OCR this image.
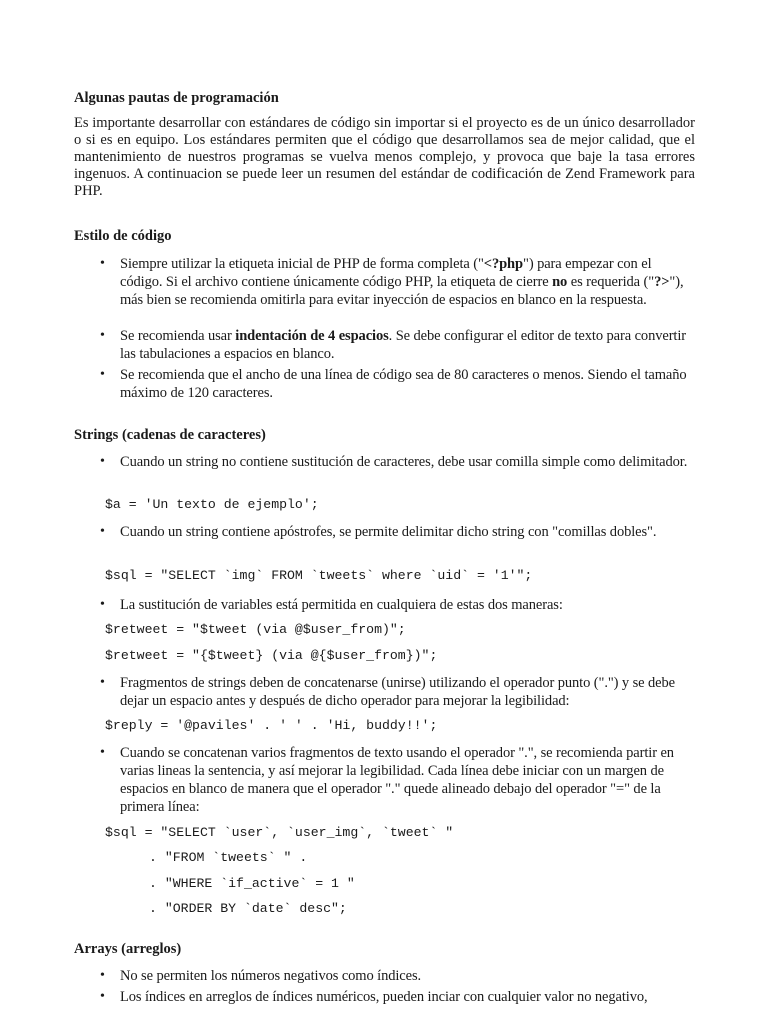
Algunas pautas de programación

Es importante desarrollar con estándares de código sin importar si el proyecto es de un único desarrollador o si es en equipo. Los estándares permiten que el código que desarrollamos sea de mejor calidad, que el mantenimiento de nuestros programas se vuelva menos complejo, y provoca que baje la tasa errores ingenuos. A continuacion se puede leer un resumen del estándar de codificación de Zend Framework para PHP.

Estilo de código
• Siempre utilizar la etiqueta inicial de PHP de forma completa ("<?php") para empezar con el código. Si el archivo contiene únicamente código PHP, la etiqueta de cierre no es requerida ("?>"), más bien se recomienda omitirla para evitar inyección de espacios en blanco en la respuesta.
• Se recomienda usar indentación de 4 espacios. Se debe configurar el editor de texto para convertir las tabulaciones a espacios en blanco.
• Se recomienda que el ancho de una línea de código sea de 80 caracteres o menos. Siendo el tamaño máximo de 120 caracteres.
Strings (cadenas de caracteres)
• Cuando un string no contiene sustitución de caracteres, debe usar comilla simple como delimitador.
$a = 'Un texto de ejemplo';
• Cuando un string contiene apóstrofes, se permite delimitar dicho string con "comillas dobles".
$sql = "SELECT `img` FROM `tweets` where `uid` = '1'";
• La sustitución de variables está permitida en cualquiera de estas dos maneras:
$retweet = "$tweet (via @$user_from)";
$retweet = "{$tweet} (via @{$user_from})";
• Fragmentos de strings deben de concatenarse (unirse) utilizando el operador punto (".") y se debe dejar un espacio antes y después de dicho operador para mejorar la legibilidad:
$reply = '@paviles' . ' ' . 'Hi, buddy!!';
• Cuando se concatenan varios fragmentos de texto usando el operador ".", se recomienda partir en varias lineas la sentencia, y así mejorar la legibilidad. Cada línea debe iniciar con un margen de espacios en blanco de manera que el operador "." quede alineado debajo del operador "=" de la primera línea:
$sql = "SELECT `user`, `user_img`, `tweet` "
. "FROM `tweets` " .
. "WHERE `if_active` = 1 "
. "ORDER BY `date` desc";
Arrays (arreglos)
• No se permiten los números negativos como índices.
• Los índices en arreglos de índices numéricos, pueden inciar con cualquier valor no negativo,
